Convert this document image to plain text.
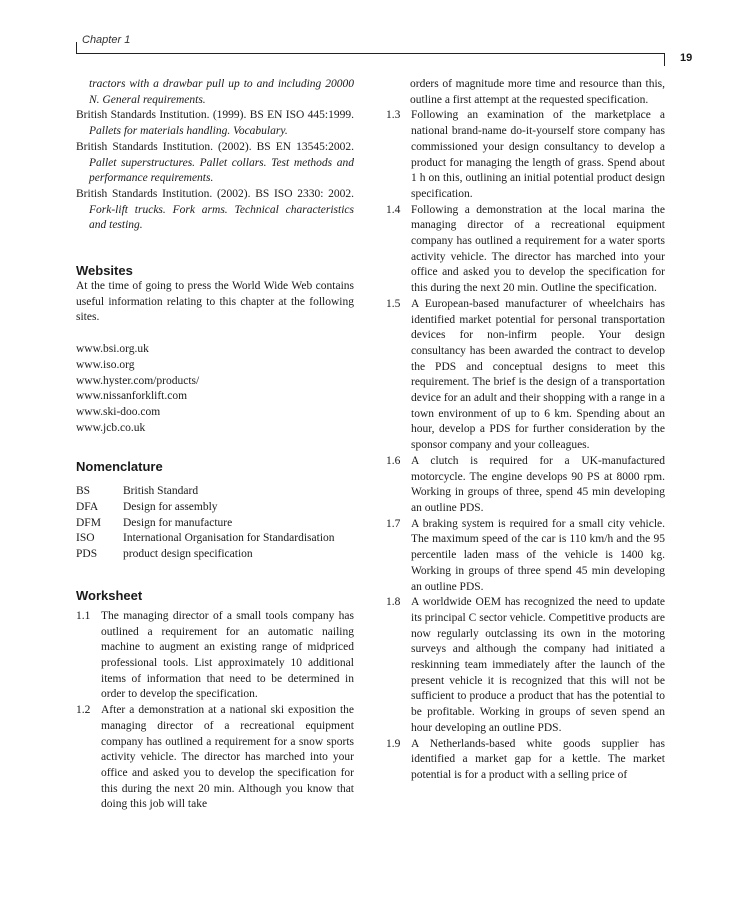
Chapter 1
19
tractors with a drawbar pull up to and including 20000 N. General requirements.
British Standards Institution. (1999). BS EN ISO 445:1999. Pallets for materials handling. Vocabulary.
British Standards Institution. (2002). BS EN 13545:2002. Pallet superstructures. Pallet collars. Test methods and performance requirements.
British Standards Institution. (2002). BS ISO 2330: 2002. Fork-lift trucks. Fork arms. Technical characteristics and testing.
Websites
At the time of going to press the World Wide Web contains useful information relating to this chapter at the following sites.
www.bsi.org.uk
www.iso.org
www.hyster.com/products/
www.nissanforklift.com
www.ski-doo.com
www.jcb.co.uk
Nomenclature
BS	British Standard
DFA	Design for assembly
DFM	Design for manufacture
ISO	International Organisation for Standardisation
PDS	product design specification
Worksheet
1.1 The managing director of a small tools company has outlined a requirement for an automatic nailing machine to augment an existing range of midpriced professional tools. List approximately 10 additional items of information that need to be determined in order to develop the specification.
1.2 After a demonstration at a national ski exposition the managing director of a recreational equipment company has outlined a requirement for a snow sports activity vehicle. The director has marched into your office and asked you to develop the specification for this during the next 20 min. Although you know that doing this job will take
orders of magnitude more time and resource than this, outline a first attempt at the requested specification.
1.3 Following an examination of the marketplace a national brand-name do-it-yourself store company has commissioned your design consultancy to develop a product for managing the length of grass. Spend about 1 h on this, outlining an initial potential product design specification.
1.4 Following a demonstration at the local marina the managing director of a recreational equipment company has outlined a requirement for a water sports activity vehicle. The director has marched into your office and asked you to develop the specification for this during the next 20 min. Outline the specification.
1.5 A European-based manufacturer of wheelchairs has identified market potential for personal transportation devices for non-infirm people. Your design consultancy has been awarded the contract to develop the PDS and conceptual designs to meet this requirement. The brief is the design of a transportation device for an adult and their shopping with a range in a town environment of up to 6 km. Spending about an hour, develop a PDS for further consideration by the sponsor company and your colleagues.
1.6 A clutch is required for a UK-manufactured motorcycle. The engine develops 90 PS at 8000 rpm. Working in groups of three, spend 45 min developing an outline PDS.
1.7 A braking system is required for a small city vehicle. The maximum speed of the car is 110 km/h and the 95 percentile laden mass of the vehicle is 1400 kg. Working in groups of three spend 45 min developing an outline PDS.
1.8 A worldwide OEM has recognized the need to update its principal C sector vehicle. Competitive products are now regularly outclassing its own in the motoring surveys and although the company had initiated a reskinning team immediately after the launch of the present vehicle it is recognized that this will not be sufficient to produce a product that has the potential to be profitable. Working in groups of seven spend an hour developing an outline PDS.
1.9 A Netherlands-based white goods supplier has identified a market gap for a kettle. The market potential is for a product with a selling price of
